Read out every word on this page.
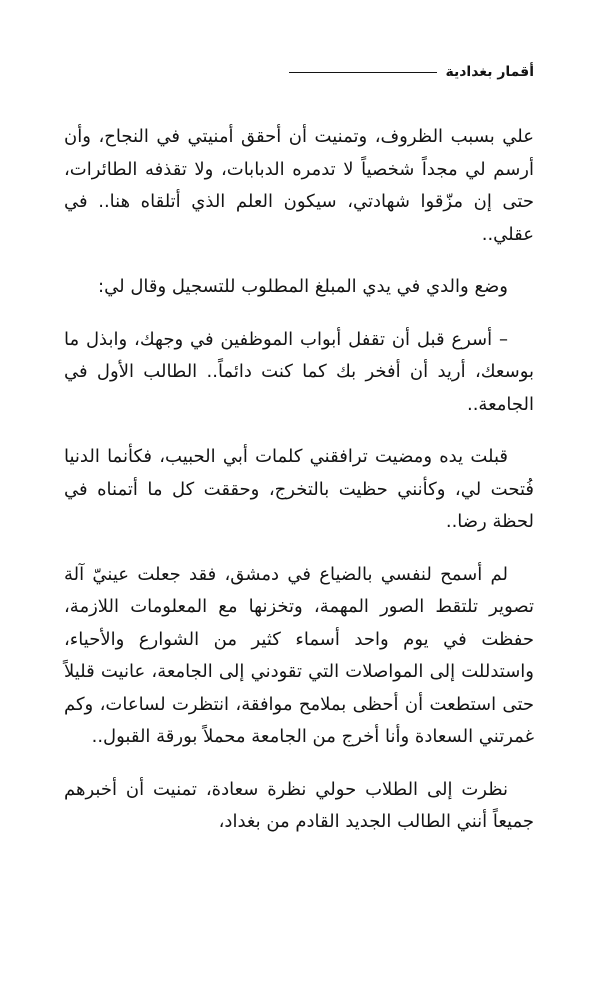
أقمار بغدادية

علي بسبب الظروف، وتمنيت أن أحقق أمنيتي في النجاح، وأن أرسم لي مجداً شخصياً لا تدمره الدبابات، ولا تقذفه الطائرات، حتى إن مزّقوا شهادتي، سيكون العلم الذي أتلقاه هنا.. في عقلي..

وضع والدي في يدي المبلغ المطلوب للتسجيل وقال لي:

– أسرع قبل أن تقفل أبواب الموظفين في وجهك، وابذل ما بوسعك، أريد أن أفخر بك كما كنت دائماً.. الطالب الأول في الجامعة..

قبلت يده ومضيت ترافقني كلمات أبي الحبيب، فكأنما الدنيا فُتحت لي، وكأنني حظيت بالتخرج، وحققت كل ما أتمناه في لحظة رضا..

لم أسمح لنفسي بالضياع في دمشق، فقد جعلت عينيّ آلة تصوير تلتقط الصور المهمة، وتخزنها مع المعلومات اللازمة، حفظت في يوم واحد أسماء كثير من الشوارع والأحياء، واستدللت إلى المواصلات التي تقودني إلى الجامعة، عانيت قليلاً حتى استطعت أن أحظى بملامح موافقة، انتظرت لساعات، وكم غمرتني السعادة وأنا أخرج من الجامعة محملاً بورقة القبول..

نظرت إلى الطلاب حولي نظرة سعادة، تمنيت أن أخبرهم جميعاً أنني الطالب الجديد القادم من بغداد،
